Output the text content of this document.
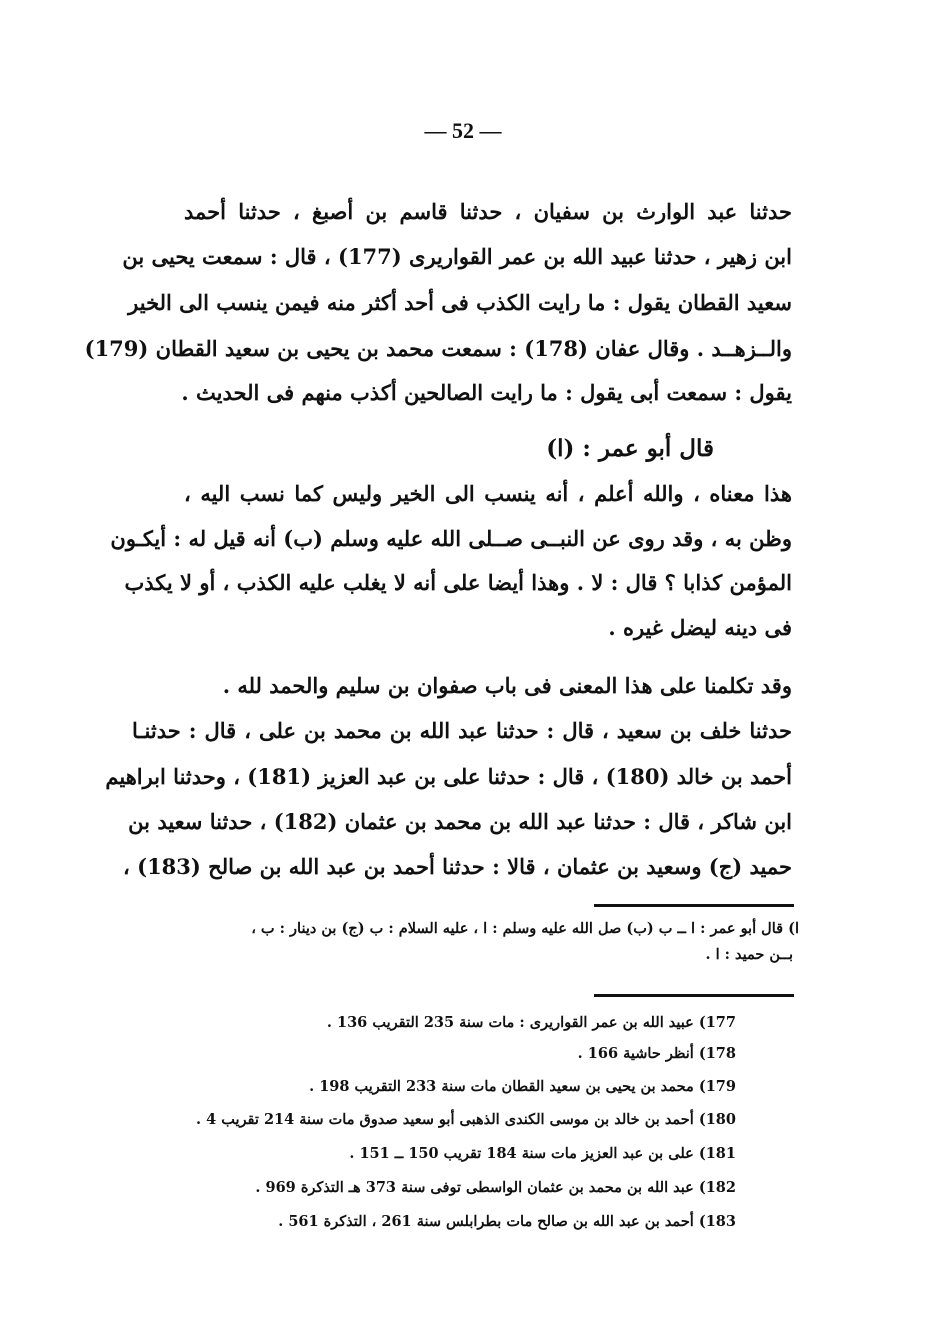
— 52 —
حدثنا عبد الوارث بن سفيان ، حدثنا قاسم بن أصبغ ، حدثنا أحمد
ابن زهير ، حدثنا عبيد الله بن عمر القواريرى (177) ، قال : سمعت يحيى بن
سعيد القطان يقول : ما رايت الكذب فى أحد أكثر منه فيمن ينسب الى الخير
والــزهــد . وقال عفان (178) : سمعت محمد بن يحيى بن سعيد القطان (179)
يقول : سمعت أبى يقول : ما رايت الصالحين أكذب منهم فى الحديث .
قال أبو عمر : (ا)
هذا معناه ، والله أعلم ، أنه ينسب الى الخير وليس كما نسب اليه ،
وظن به ، وقد روى عن النبــى صــلى الله عليه وسلم (ب) أنه قيل له : أيكـون
المؤمن كذابا ؟ قال : لا . وهذا أيضا على أنه لا يغلب عليه الكذب ، أو لا يكذب
فى دينه ليضل غيره .
وقد تكلمنا على هذا المعنى فى باب صفوان بن سليم والحمد لله .
حدثنا خلف بن سعيد ، قال : حدثنا عبد الله بن محمد بن على ، قال : حدثنـا
أحمد بن خالد (180) ، قال : حدثنا على بن عبد العزيز (181) ، وحدثنا ابراهيم
ابن شاكر ، قال : حدثنا عبد الله بن محمد بن عثمان (182) ، حدثنا سعيد بن
حميد (ج) وسعيد بن عثمان ، قالا : حدثنا أحمد بن عبد الله بن صالح (183) ،
ا) قال أبو عمر : ا ــ ب (ب) صل الله عليه وسلم : ا ، عليه السلام : ب (ج) بن دينار : ب ،
بــن حميد : ا .
177) عبيد الله بن عمر القواريرى : مات سنة 235 التقريب 136 .
178) أنظر حاشية 166 .
179) محمد بن يحيى بن سعيد القطان مات سنة 233 التقريب 198 .
180) أحمد بن خالد بن موسى الكندى الذهبى أبو سعيد صدوق مات سنة 214 تقريب 4 .
181) على بن عبد العزيز مات سنة 184 تقريب 150 ــ 151 .
182) عبد الله بن محمد بن عثمان الواسطى توفى سنة 373 هـ التذكرة 969 .
183) أحمد بن عبد الله بن صالح مات بطرابلس سنة 261 ، التذكرة 561 .
